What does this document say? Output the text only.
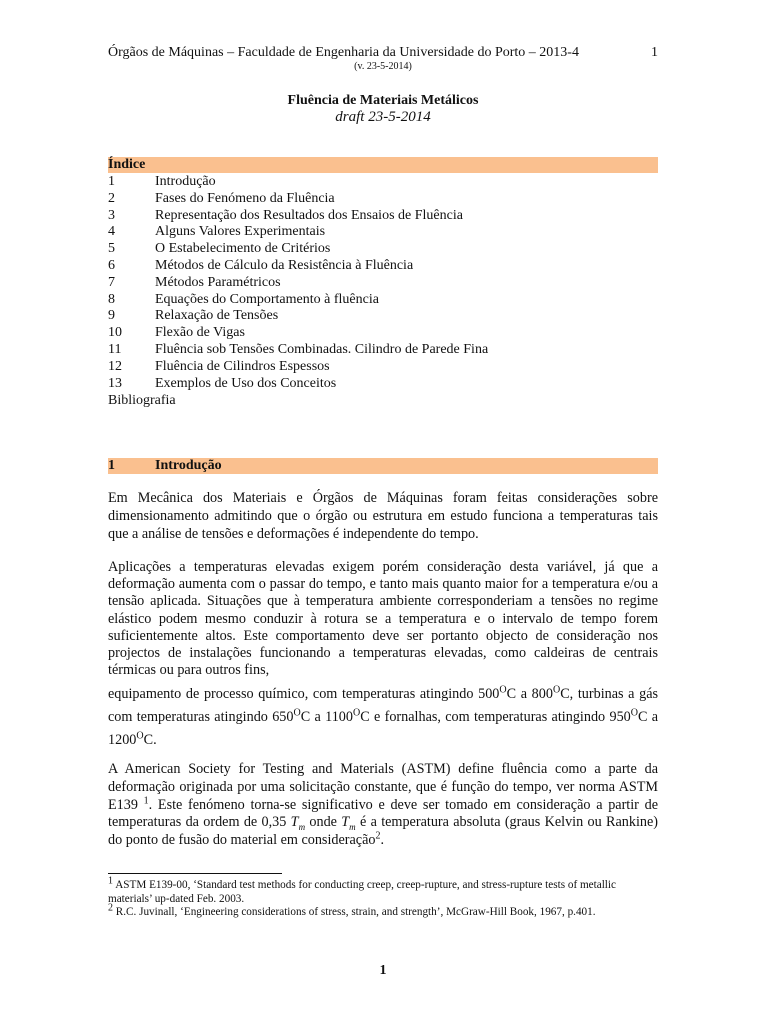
Órgãos de Máquinas – Faculdade de Engenharia da Universidade do Porto – 2013-4	1
(v. 23-5-2014)
Fluência de Materiais Metálicos
draft 23-5-2014
Índice
1	Introdução
2	Fases do Fenómeno da Fluência
3	Representação dos Resultados dos Ensaios de Fluência
4	Alguns Valores Experimentais
5	O Estabelecimento de Critérios
6	Métodos de Cálculo da Resistência à Fluência
7	Métodos Paramétricos
8	Equações do Comportamento à fluência
9	Relaxação de Tensões
10	Flexão de Vigas
11	Fluência sob Tensões Combinadas. Cilindro de Parede Fina
12	Fluência de Cilindros Espessos
13	Exemplos de Uso dos Conceitos
Bibliografia
1	Introdução
Em Mecânica dos Materiais e Órgãos de Máquinas foram feitas considerações sobre dimensionamento admitindo que o órgão ou estrutura em estudo funciona a temperaturas tais que a análise de tensões e deformações é independente do tempo.
Aplicações a temperaturas elevadas exigem porém consideração desta variável, já que a deformação aumenta com o passar do tempo, e tanto mais quanto maior for a temperatura e/ou a tensão aplicada. Situações que à temperatura ambiente corresponderiam a tensões no regime elástico podem mesmo conduzir à rotura se a temperatura e o intervalo de tempo forem suficientemente altos. Este comportamento deve ser portanto objecto de consideração nos projectos de instalações funcionando a temperaturas elevadas, como caldeiras de centrais térmicas ou para outros fins,
equipamento de processo químico, com temperaturas atingindo $500^OC$ a $800^OC$, turbinas a gás com temperaturas atingindo $650^OC$ a $1100^OC$ e fornalhas, com temperaturas atingindo $950^OC$ a $1200^OC$.
A American Society for Testing and Materials (ASTM) define fluência como a parte da deformação originada por uma solicitação constante, que é função do tempo, ver norma ASTM E139 $^1$. Este fenómeno torna-se significativo e deve ser tomado em consideração a partir de temperaturas da ordem de 0,35 $T_m$ onde $T_m$ é a temperatura absoluta (graus Kelvin ou Rankine) do ponto de fusão do material em consideração$^2$.

$^1$ ASTM E139-00, ‘Standard test methods for conducting creep, creep-rupture, and stress-rupture tests of metallic materials’ up-dated Feb. 2003.

$^2$ R.C. Juvinall, ‘Engineering considerations of stress, strain, and strength’, McGraw-Hill Book, 1967, p.401.

1
